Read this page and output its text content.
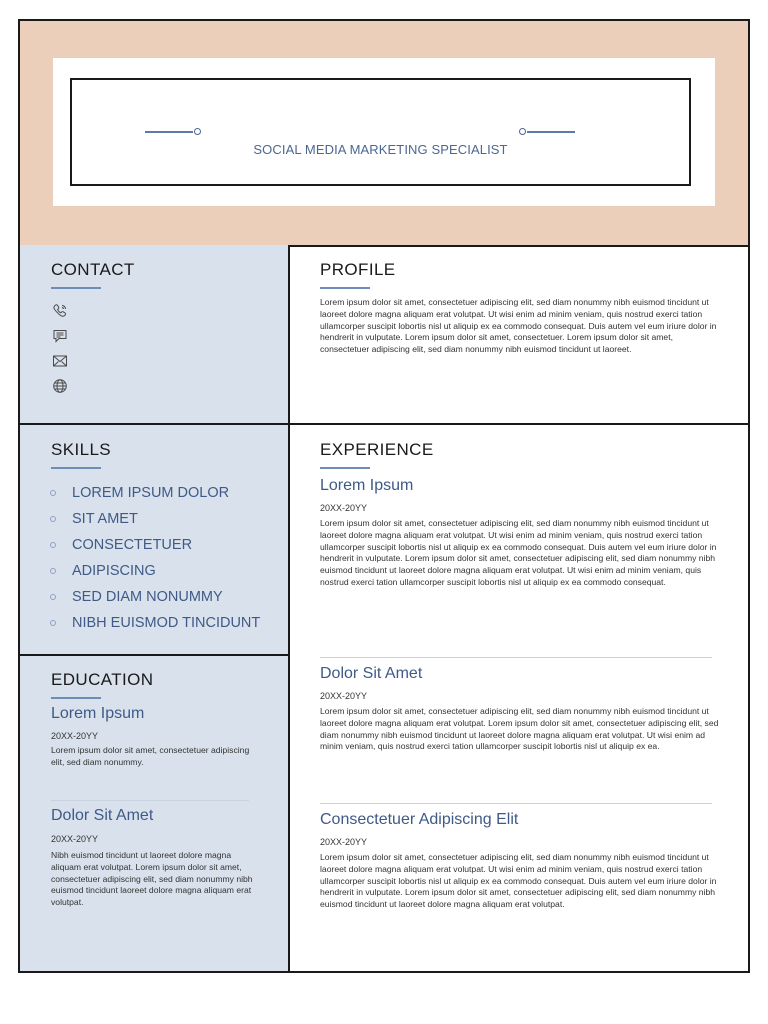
SOCIAL MEDIA MARKETING SPECIALIST
CONTACT
SKILLS
LOREM IPSUM DOLOR
SIT AMET
CONSECTETUER
ADIPISCING
SED DIAM NONUMMY
NIBH EUISMOD TINCIDUNT
EDUCATION
Lorem Ipsum
20XX-20YY

Lorem ipsum dolor sit amet, consectetuer adipiscing elit, sed diam nonummy.

Dolor Sit Amet
20XX-20YY

Nibh euismod tincidunt ut laoreet dolore magna aliquam erat volutpat. Lorem ipsum dolor sit amet, consectetuer adipiscing elit, sed diam nonummy nibh euismod tincidunt laoreet dolore magna aliquam erat volutpat.

PROFILE

Lorem ipsum dolor sit amet, consectetuer adipiscing elit, sed diam nonummy nibh euismod tincidunt ut laoreet dolore magna aliquam erat volutpat. Ut wisi enim ad minim veniam, quis nostrud exerci tation ullamcorper suscipit lobortis nisl ut aliquip ex ea commodo consequat. Duis autem vel eum iriure dolor in hendrerit in vulputate. Lorem ipsum dolor sit amet, consectetuer. Lorem ipsum dolor sit amet, consectetuer adipiscing elit, sed diam nonummy nibh euismod tincidunt ut laoreet.

EXPERIENCE
Lorem Ipsum
20XX-20YY

Lorem ipsum dolor sit amet, consectetuer adipiscing elit, sed diam nonummy nibh euismod tincidunt ut laoreet dolore magna aliquam erat volutpat. Ut wisi enim ad minim veniam, quis nostrud exerci tation ullamcorper suscipit lobortis nisl ut aliquip ex ea commodo consequat. Duis autem vel eum iriure dolor in hendrerit in vulputate. Lorem ipsum dolor sit amet, consectetuer adipiscing elit, sed diam nonummy nibh euismod tincidunt ut laoreet dolore magna aliquam erat volutpat. Ut wisi enim ad minim veniam, quis nostrud exerci tation ullamcorper suscipit lobortis nisl ut aliquip ex ea commodo consequat.

Dolor Sit Amet
20XX-20YY

Lorem ipsum dolor sit amet, consectetuer adipiscing elit, sed diam nonummy nibh euismod tincidunt ut laoreet dolore magna aliquam erat volutpat. Lorem ipsum dolor sit amet, consectetuer adipiscing elit, sed diam nonummy nibh euismod tincidunt ut laoreet dolore magna aliquam erat volutpat. Ut wisi enim ad minim veniam, quis nostrud exerci tation ullamcorper suscipit lobortis nisl ut aliquip ex ea.

Consectetuer Adipiscing Elit
20XX-20YY

Lorem ipsum dolor sit amet, consectetuer adipiscing elit, sed diam nonummy nibh euismod tincidunt ut laoreet dolore magna aliquam erat volutpat. Ut wisi enim ad minim veniam, quis nostrud exerci tation ullamcorper suscipit lobortis nisl ut aliquip ex ea commodo consequat. Duis autem vel eum iriure dolor in hendrerit in vulputate. Lorem ipsum dolor sit amet, consectetuer adipiscing elit, sed diam nonummy nibh euismod tincidunt ut laoreet dolore magna aliquam erat volutpat.
